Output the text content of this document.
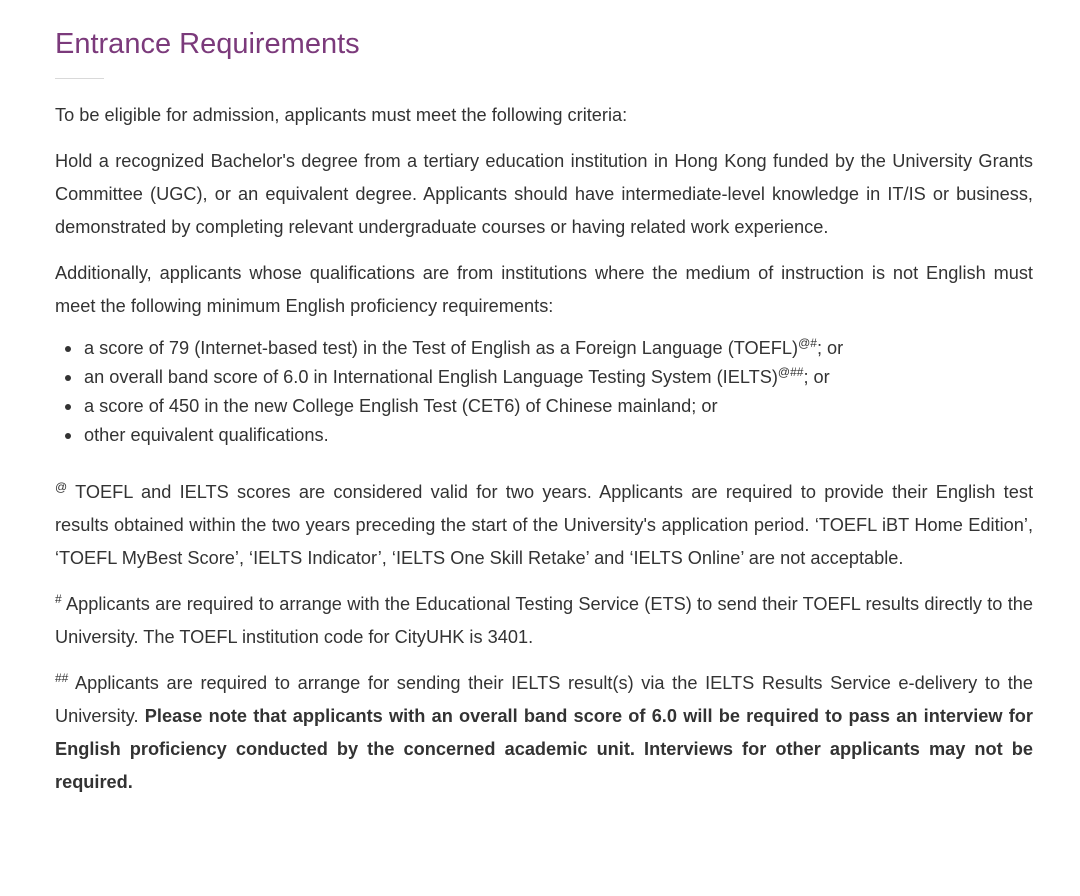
Entrance Requirements

To be eligible for admission, applicants must meet the following criteria:

Hold a recognized Bachelor's degree from a tertiary education institution in Hong Kong funded by the University Grants Committee (UGC), or an equivalent degree. Applicants should have intermediate-level knowledge in IT/IS or business, demonstrated by completing relevant undergraduate courses or having related work experience.

Additionally, applicants whose qualifications are from institutions where the medium of instruction is not English must meet the following minimum English proficiency requirements:

a score of 79 (Internet-based test) in the Test of English as a Foreign Language (TOEFL)@#; or
an overall band score of 6.0 in International English Language Testing System (IELTS)@##; or
a score of 450 in the new College English Test (CET6) of Chinese mainland; or
other equivalent qualifications.

@ TOEFL and IELTS scores are considered valid for two years. Applicants are required to provide their English test results obtained within the two years preceding the start of the University's application period. ‘TOEFL iBT Home Edition’, ‘TOEFL MyBest Score’, ‘IELTS Indicator’, ‘IELTS One Skill Retake’ and ‘IELTS Online’ are not acceptable.

# Applicants are required to arrange with the Educational Testing Service (ETS) to send their TOEFL results directly to the University. The TOEFL institution code for CityUHK is 3401.

## Applicants are required to arrange for sending their IELTS result(s) via the IELTS Results Service e-delivery to the University. Please note that applicants with an overall band score of 6.0 will be required to pass an interview for English proficiency conducted by the concerned academic unit. Interviews for other applicants may not be required.
